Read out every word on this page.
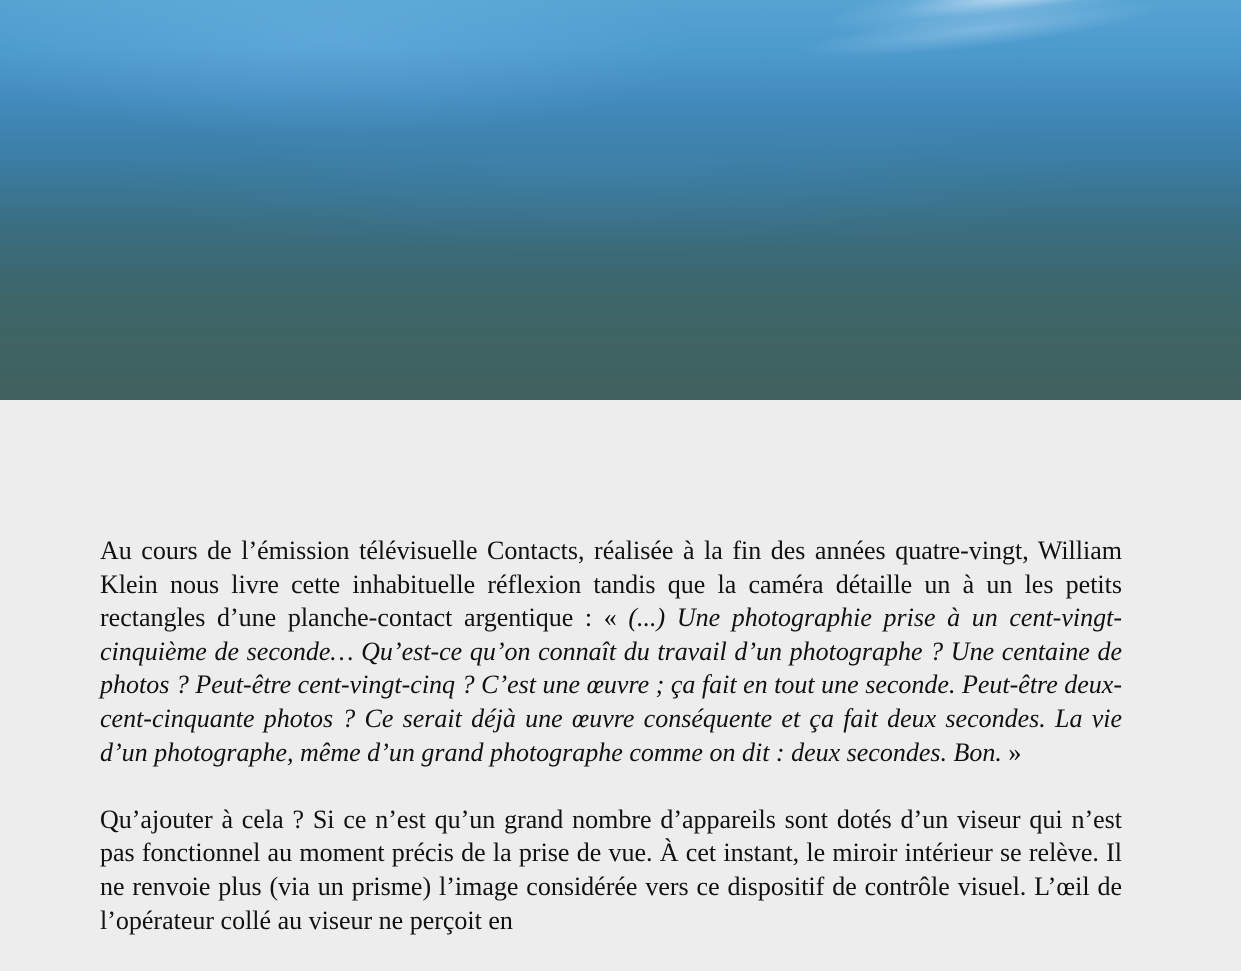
Au cours de l’émission télévisuelle Contacts, réalisée à la fin des années quatre-vingt, William Klein nous livre cette inhabituelle réflexion tandis que la caméra détaille un à un les petits rectangles d’une planche-contact argentique : « (...) Une photographie prise à un cent-vingt-cinquième de seconde… Qu’est-ce qu’on connaît du travail d’un photographe ? Une centaine de photos ? Peut-être cent-vingt-cinq ? C’est une œuvre ; ça fait en tout une seconde. Peut-être deux-cent-cinquante photos ? Ce serait déjà une œuvre conséquente et ça fait deux secondes. La vie d’un photographe, même d’un grand photographe comme on dit : deux secondes. Bon. »

Qu’ajouter à cela ? Si ce n’est qu’un grand nombre d’appareils sont dotés d’un viseur qui n’est pas fonctionnel au moment précis de la prise de vue. À cet instant, le miroir intérieur se relève. Il ne renvoie plus (via un prisme) l’image considérée vers ce dispositif de contrôle visuel. L’œil de l’opérateur collé au viseur ne perçoit en
